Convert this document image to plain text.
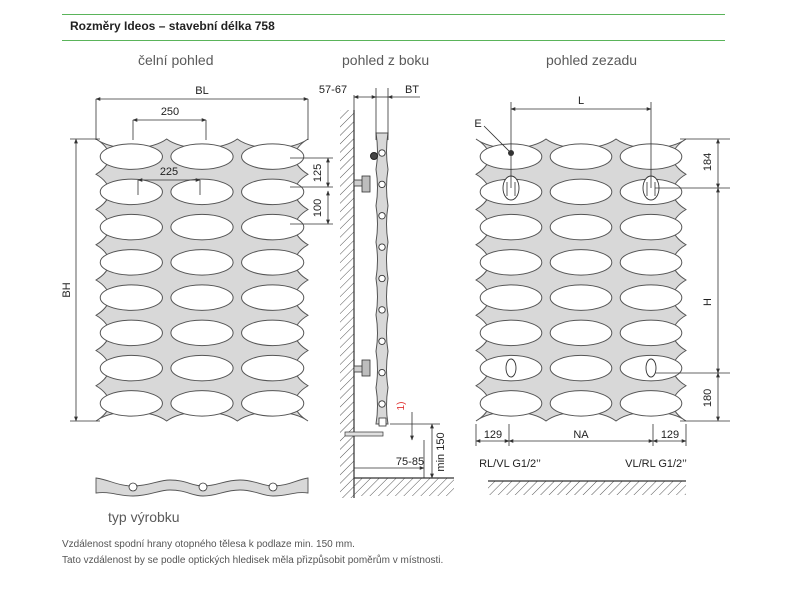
Rozměry Ideos – stavební délka 758
čelní pohled	pohled z boku	pohled zezadu
typ výrobku
BL
250
225	125
100
BH
57-67	BT
1)
75-85 min 150
E
L
184
H
180
129	NA	129
RL/VL G1/2’’	VL/RL G1/2’’
Vzdálenost spodní hrany otopného tělesa k podlaze min. 150 mm.
Tato vzdálenost by se podle optických hledisek měla přizpůsobit poměrům v místnosti.
